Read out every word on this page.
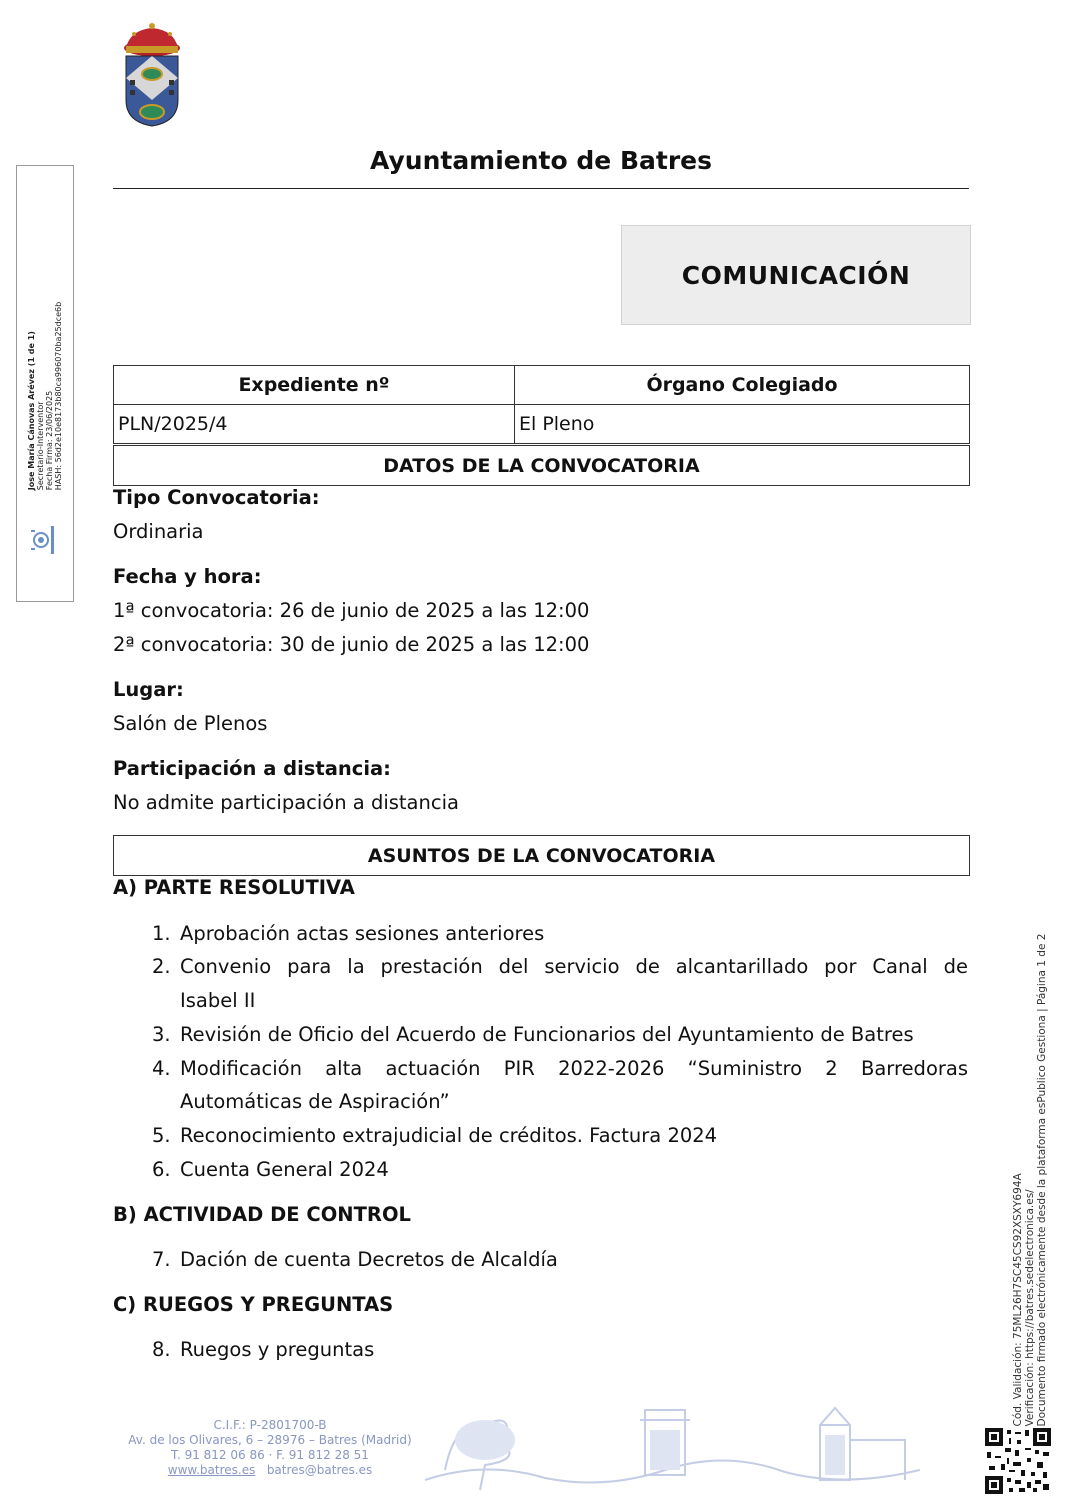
Jose María Cánovas Arévez (1 de 1) Secretario-Interventor Fecha Firma: 23/06/2025 HASH: 56d2e10e8173b80ca996070ba25dce6b
Ayuntamiento de Batres
COMUNICACIÓN
Expediente nº	Órgano Colegiado
PLN/2025/4	El Pleno
DATOS DE LA CONVOCATORIA
Tipo Convocatoria:
Ordinaria
Fecha y hora:
1ª convocatoria: 26 de junio de 2025 a las 12:00
2ª convocatoria: 30 de junio de 2025 a las 12:00
Lugar:
Salón de Plenos
Participación a distancia:
No admite participación a distancia
ASUNTOS DE LA CONVOCATORIA
A) PARTE RESOLUTIVA
1. Aprobación actas sesiones anteriores
2. Convenio para la prestación del servicio de alcantarillado por Canal de
Isabel II
3. Revisión de Oficio del Acuerdo de Funcionarios del Ayuntamiento de Batres
4. Modificación alta actuación PIR 2022-2026 “Suministro 2 Barredoras
Automáticas de Aspiración”
5. Reconocimiento extrajudicial de créditos. Factura 2024
6. Cuenta General 2024
B) ACTIVIDAD DE CONTROL
7. Dación de cuenta Decretos de Alcaldía
C) RUEGOS Y PREGUNTAS
8. Ruegos y preguntas	Cód. Validación: 75ML26H7SC45CS92XSXY694A Verificación: https://batres.sedelectronica.es/ Documento firmado electrónicamente desde la plataforma esPublico Gestiona | Página 1 de 2
C.I.F.: P-2801700-B
Av. de los Olivares, 6 – 28976 – Batres (Madrid)
T. 91 812 06 86 · F. 91 812 28 51
www.batres.es batres@batres.es
